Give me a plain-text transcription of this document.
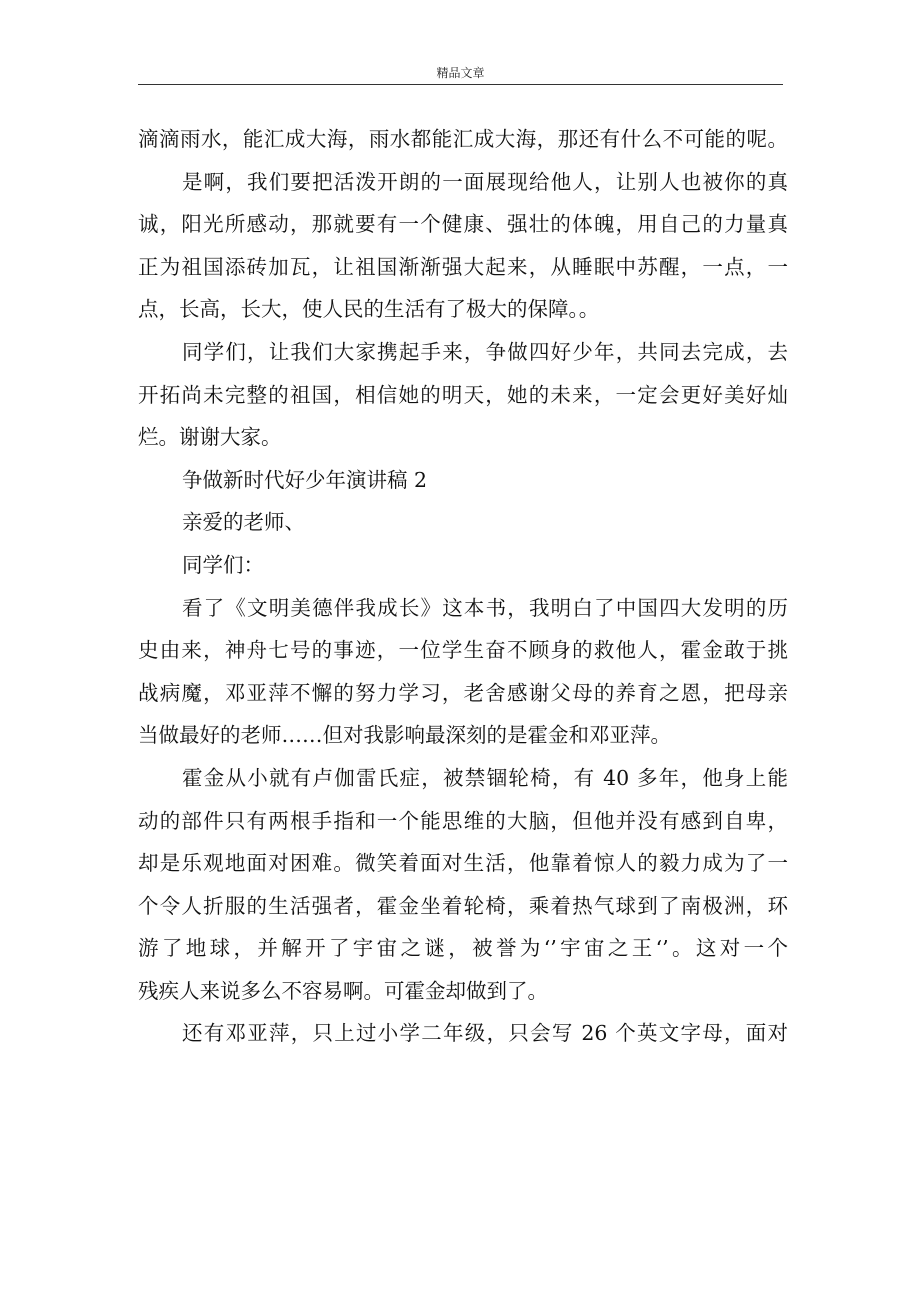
精品文章
滴滴雨水，能汇成大海，雨水都能汇成大海，那还有什么不可能的呢。
是啊，我们要把活泼开朗的一面展现给他人，让别人也被你的真
诚，阳光所感动，那就要有一个健康、强壮的体魄，用自己的力量真
正为祖国添砖加瓦，让祖国渐渐强大起来，从睡眠中苏醒，一点，一
点，长高，长大，使人民的生活有了极大的保障。。
同学们，让我们大家携起手来，争做四好少年，共同去完成，去
开拓尚未完整的祖国，相信她的明天，她的未来，一定会更好美好灿
烂。谢谢大家。
争做新时代好少年演讲稿 2
亲爱的老师、
同学们：
看了《文明美德伴我成长》这本书，我明白了中国四大发明的历
史由来，神舟七号的事迹，一位学生奋不顾身的救他人，霍金敢于挑
战病魔，邓亚萍不懈的努力学习，老舍感谢父母的养育之恩，把母亲
当做最好的老师……但对我影响最深刻的是霍金和邓亚萍。
霍金从小就有卢伽雷氏症，被禁锢轮椅，有 40 多年，他身上能
动的部件只有两根手指和一个能思维的大脑，但他并没有感到自卑，
却是乐观地面对困难。微笑着面对生活，他靠着惊人的毅力成为了一
个令人折服的生活强者，霍金坐着轮椅，乘着热气球到了南极洲，环
游了地球，并解开了宇宙之谜，被誉为‘’宇宙之王‘’。这对一个
残疾人来说多么不容易啊。可霍金却做到了。
还有邓亚萍，只上过小学二年级，只会写 26 个英文字母，面对
